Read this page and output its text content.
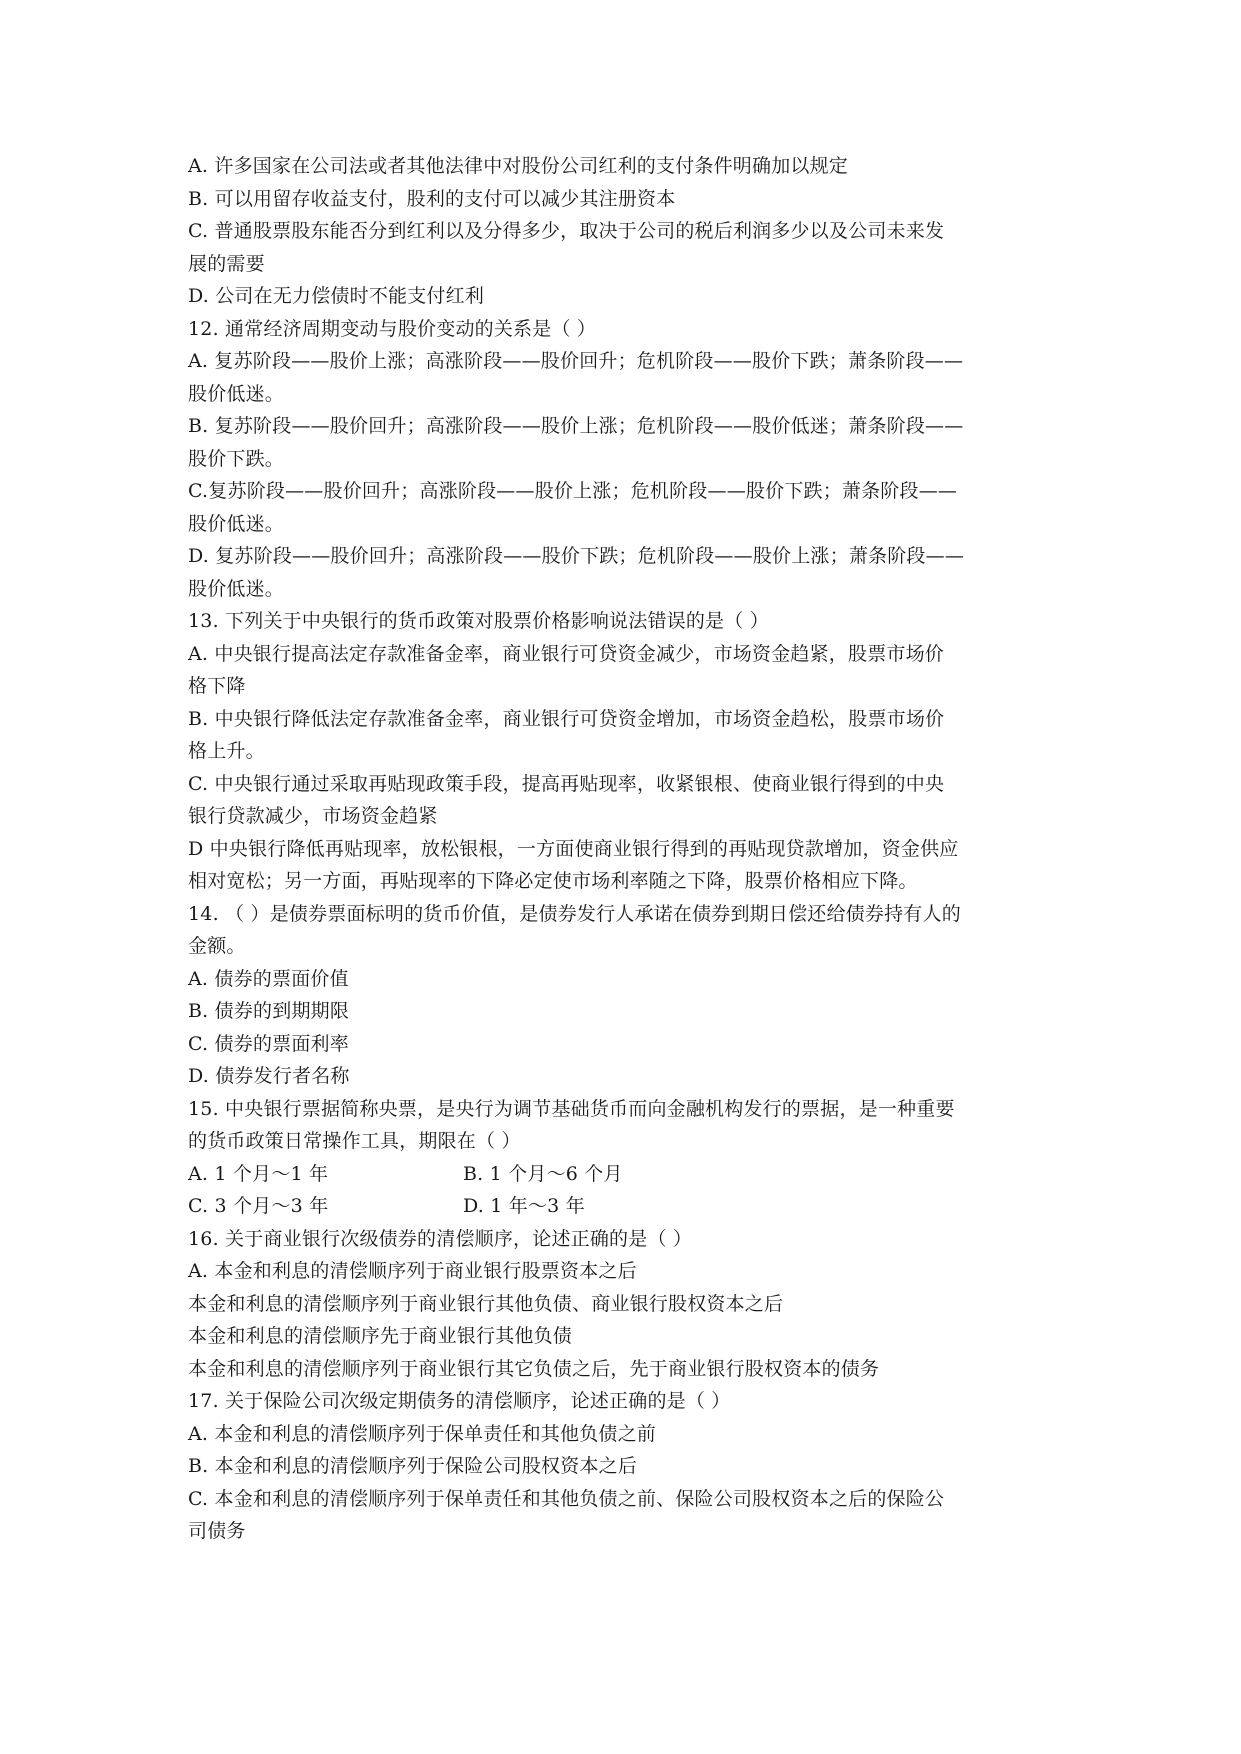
A. 许多国家在公司法或者其他法律中对股份公司红利的支付条件明确加以规定

B. 可以用留存收益支付，股利的支付可以减少其注册资本

C. 普通股票股东能否分到红利以及分得多少，取决于公司的税后利润多少以及公司未来发

展的需要

D. 公司在无力偿债时不能支付红利

12. 通常经济周期变动与股价变动的关系是（ ）

A. 复苏阶段——股价上涨；高涨阶段——股价回升；危机阶段——股价下跌；萧条阶段——

股价低迷。

B. 复苏阶段——股价回升；高涨阶段——股价上涨；危机阶段——股价低迷；萧条阶段——

股价下跌。

C.复苏阶段——股价回升；高涨阶段——股价上涨；危机阶段——股价下跌；萧条阶段——

股价低迷。

D. 复苏阶段——股价回升；高涨阶段——股价下跌；危机阶段——股价上涨；萧条阶段——

股价低迷。

13. 下列关于中央银行的货币政策对股票价格影响说法错误的是（ ）

A. 中央银行提高法定存款准备金率，商业银行可贷资金减少，市场资金趋紧，股票市场价

格下降

B. 中央银行降低法定存款准备金率，商业银行可贷资金增加，市场资金趋松，股票市场价

格上升。

C. 中央银行通过采取再贴现政策手段，提高再贴现率，收紧银根、使商业银行得到的中央

银行贷款减少，市场资金趋紧

D 中央银行降低再贴现率，放松银根，一方面使商业银行得到的再贴现贷款增加，资金供应

相对宽松；另一方面，再贴现率的下降必定使市场利率随之下降，股票价格相应下降。

14. （ ）是债券票面标明的货币价值，是债券发行人承诺在债券到期日偿还给债券持有人的

金额。

A. 债券的票面价值

B. 债券的到期期限

C. 债券的票面利率

D. 债券发行者名称

15. 中央银行票据简称央票，是央行为调节基础货币而向金融机构发行的票据，是一种重要

的货币政策日常操作工具，期限在（ ）

A. 1 个月～1 年	B. 1 个月～6 个月
C. 3 个月～3 年	D. 1 年～3 年

16. 关于商业银行次级债券的清偿顺序，论述正确的是（ ）

A. 本金和利息的清偿顺序列于商业银行股票资本之后

本金和利息的清偿顺序列于商业银行其他负债、商业银行股权资本之后

本金和利息的清偿顺序先于商业银行其他负债

本金和利息的清偿顺序列于商业银行其它负债之后，先于商业银行股权资本的债务

17. 关于保险公司次级定期债务的清偿顺序，论述正确的是（ ）

A. 本金和利息的清偿顺序列于保单责任和其他负债之前

B. 本金和利息的清偿顺序列于保险公司股权资本之后

C. 本金和利息的清偿顺序列于保单责任和其他负债之前、保险公司股权资本之后的保险公

司债务
